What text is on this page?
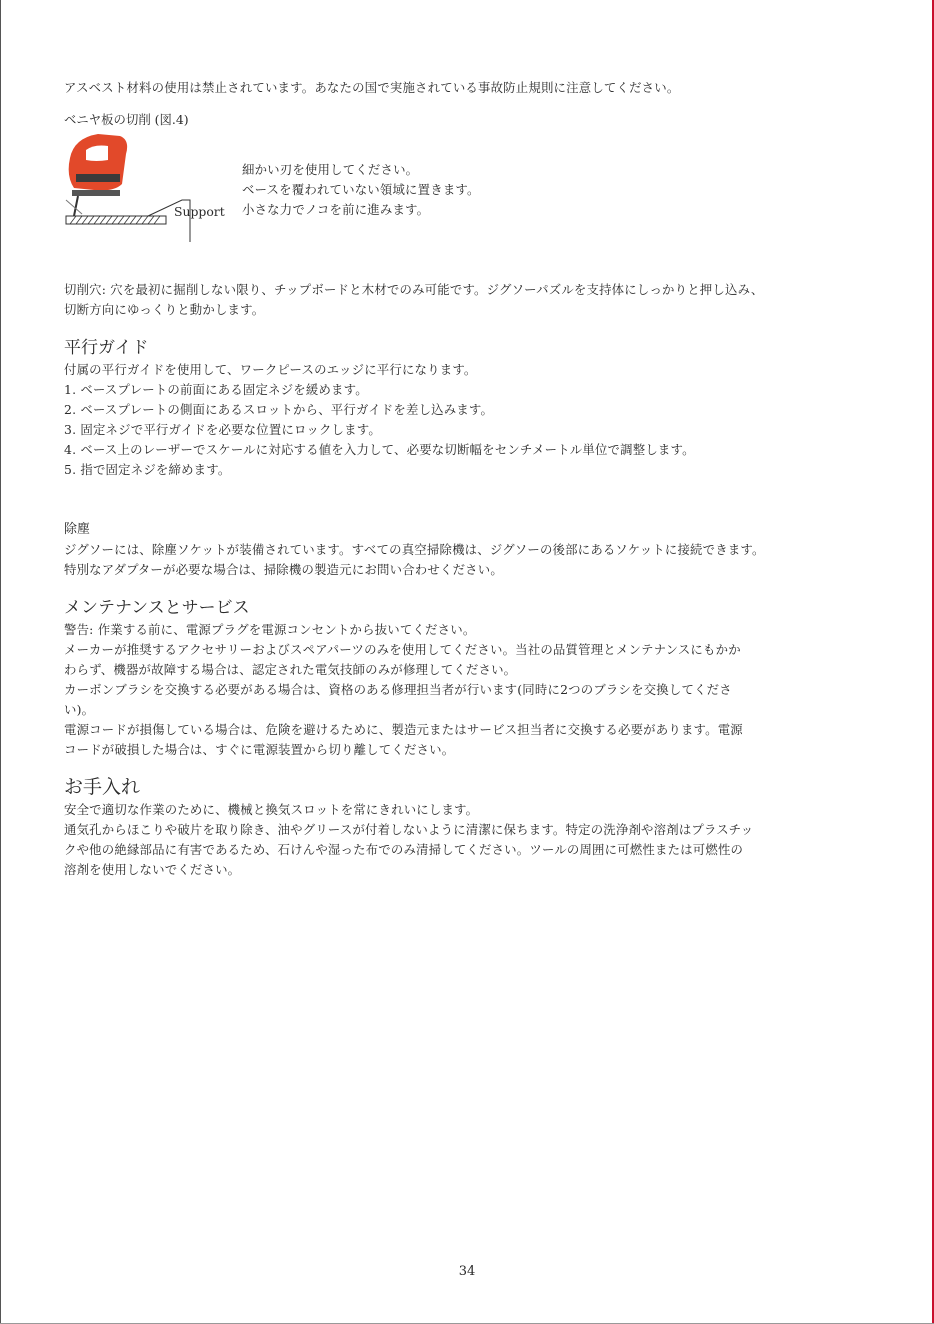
アスベスト材料の使用は禁止されています。あなたの国で実施されている事故防止規則に注意してください。

ベニヤ板の切削 (図.4)
Support

細かい刃を使用してください。

ベースを覆われていない領域に置きます。

小さな力でノコを前に進みます。

切削穴: 穴を最初に掘削しない限り、チップボードと木材でのみ可能です。ジグソーパズルを支持体にしっかりと押し込み、

切断方向にゆっくりと動かします。

平行ガイド

付属の平行ガイドを使用して、ワークピースのエッジに平行になります。

1. ベースプレートの前面にある固定ネジを緩めます。

2. ベースプレートの側面にあるスロットから、平行ガイドを差し込みます。

3. 固定ネジで平行ガイドを必要な位置にロックします。

4. ベース上のレーザーでスケールに対応する値を入力して、必要な切断幅をセンチメートル単位で調整します。

5. 指で固定ネジを締めます。

除塵

ジグソーには、除塵ソケットが装備されています。すべての真空掃除機は、ジグソーの後部にあるソケットに接続できます。

特別なアダプターが必要な場合は、掃除機の製造元にお問い合わせください。

メンテナンスとサービス

警告: 作業する前に、電源プラグを電源コンセントから抜いてください。

メーカーが推奨するアクセサリーおよびスペアパーツのみを使用してください。当社の品質管理とメンテナンスにもかか

わらず、機器が故障する場合は、認定された電気技師のみが修理してください。

カーボンブラシを交換する必要がある場合は、資格のある修理担当者が行います(同時に2つのブラシを交換してくださ

い)。

電源コードが損傷している場合は、危険を避けるために、製造元またはサービス担当者に交換する必要があります。電源

コードが破損した場合は、すぐに電源装置から切り離してください。

お手入れ

安全で適切な作業のために、機械と換気スロットを常にきれいにします。

通気孔からほこりや破片を取り除き、油やグリースが付着しないように清潔に保ちます。特定の洗浄剤や溶剤はプラスチッ

クや他の絶縁部品に有害であるため、石けんや湿った布でのみ清掃してください。ツールの周囲に可燃性または可燃性の

溶剤を使用しないでください。

34
